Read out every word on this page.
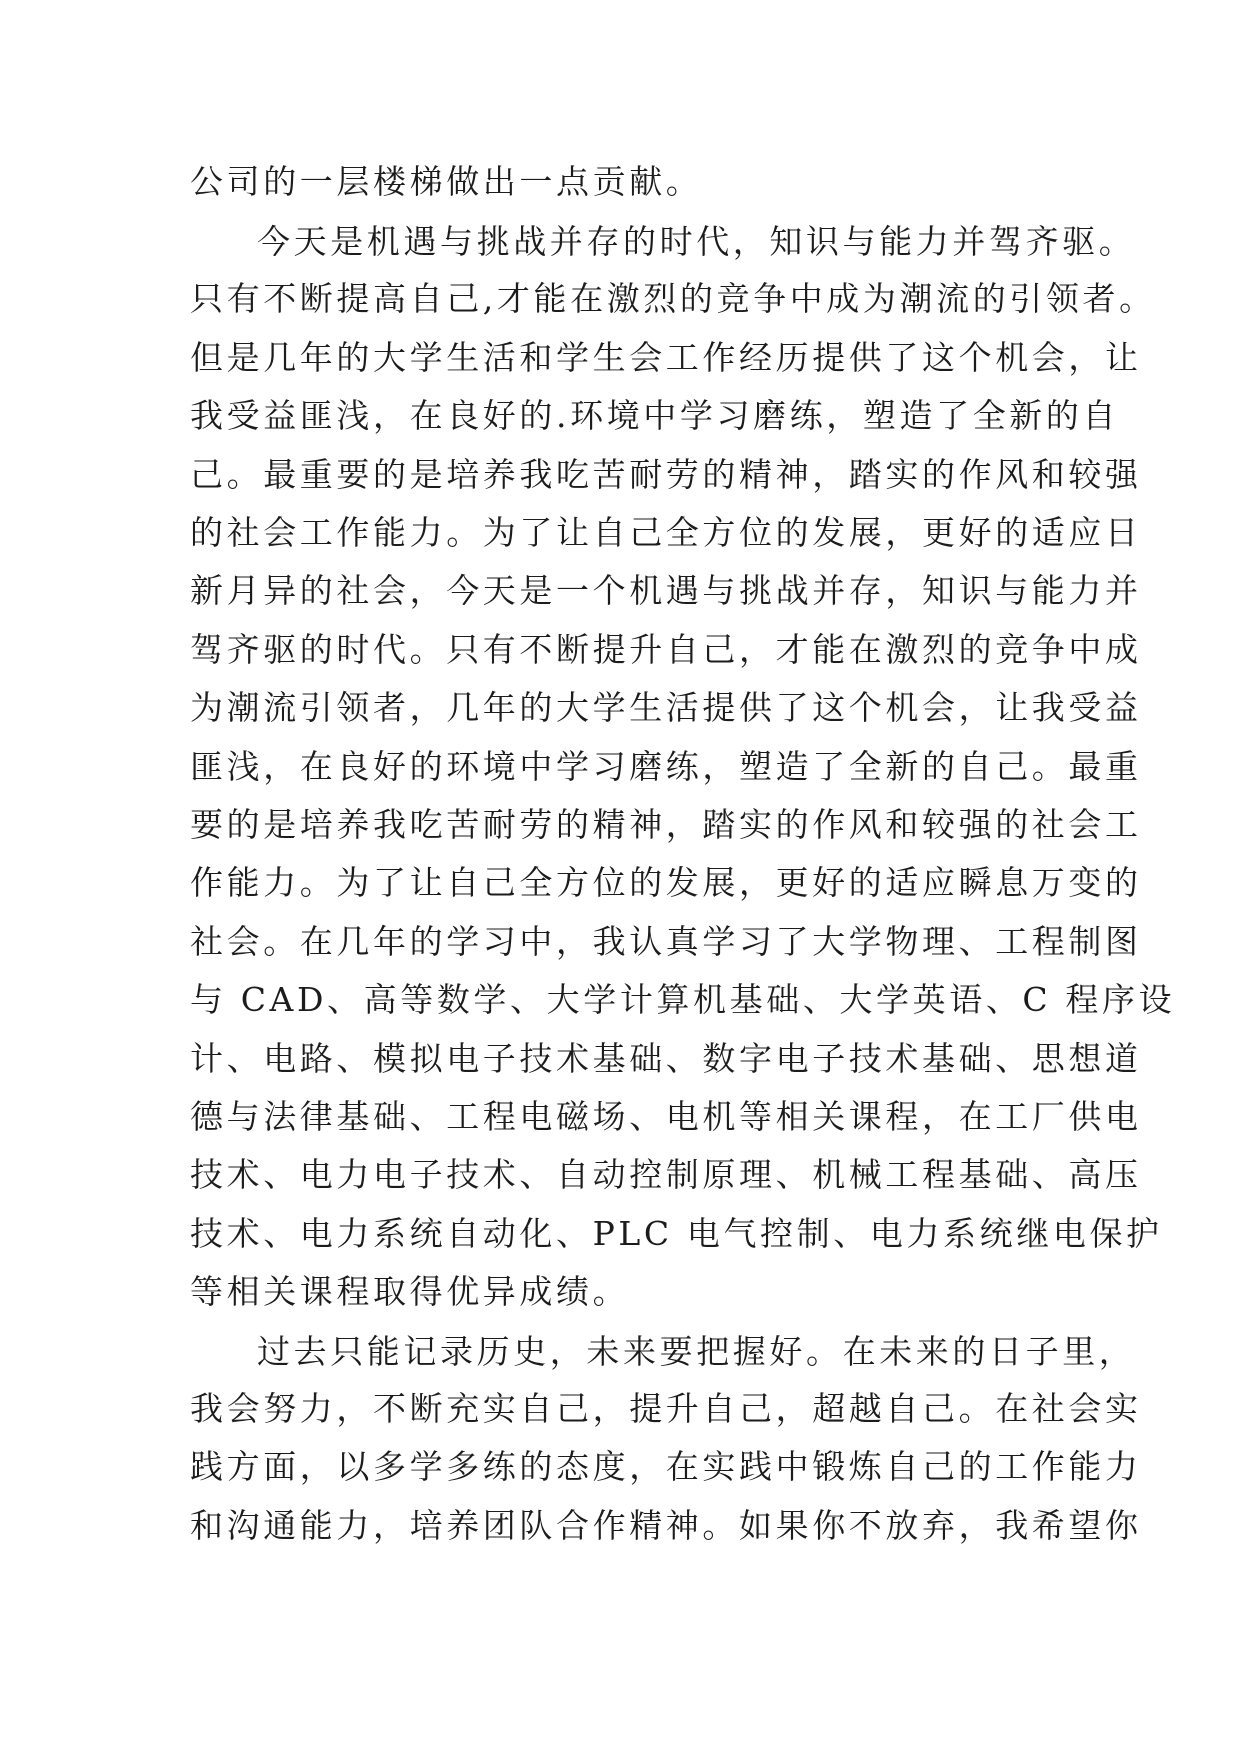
公司的一层楼梯做出一点贡献。
今天是机遇与挑战并存的时代，知识与能力并驾齐驱。
只有不断提高自己,才能在激烈的竞争中成为潮流的引领者。
但是几年的大学生活和学生会工作经历提供了这个机会，让
我受益匪浅，在良好的.环境中学习磨练，塑造了全新的自
己。最重要的是培养我吃苦耐劳的精神，踏实的作风和较强
的社会工作能力。为了让自己全方位的发展，更好的适应日
新月异的社会，今天是一个机遇与挑战并存，知识与能力并
驾齐驱的时代。只有不断提升自己，才能在激烈的竞争中成
为潮流引领者，几年的大学生活提供了这个机会，让我受益
匪浅，在良好的环境中学习磨练，塑造了全新的自己。最重
要的是培养我吃苦耐劳的精神，踏实的作风和较强的社会工
作能力。为了让自己全方位的发展，更好的适应瞬息万变的
社会。在几年的学习中，我认真学习了大学物理、工程制图
与 CAD、高等数学、大学计算机基础、大学英语、C 程序设
计、电路、模拟电子技术基础、数字电子技术基础、思想道
德与法律基础、工程电磁场、电机等相关课程，在工厂供电
技术、电力电子技术、自动控制原理、机械工程基础、高压
技术、电力系统自动化、PLC 电气控制、电力系统继电保护
等相关课程取得优异成绩。
过去只能记录历史，未来要把握好。在未来的日子里，
我会努力，不断充实自己，提升自己，超越自己。在社会实
践方面，以多学多练的态度，在实践中锻炼自己的工作能力
和沟通能力，培养团队合作精神。如果你不放弃，我希望你
